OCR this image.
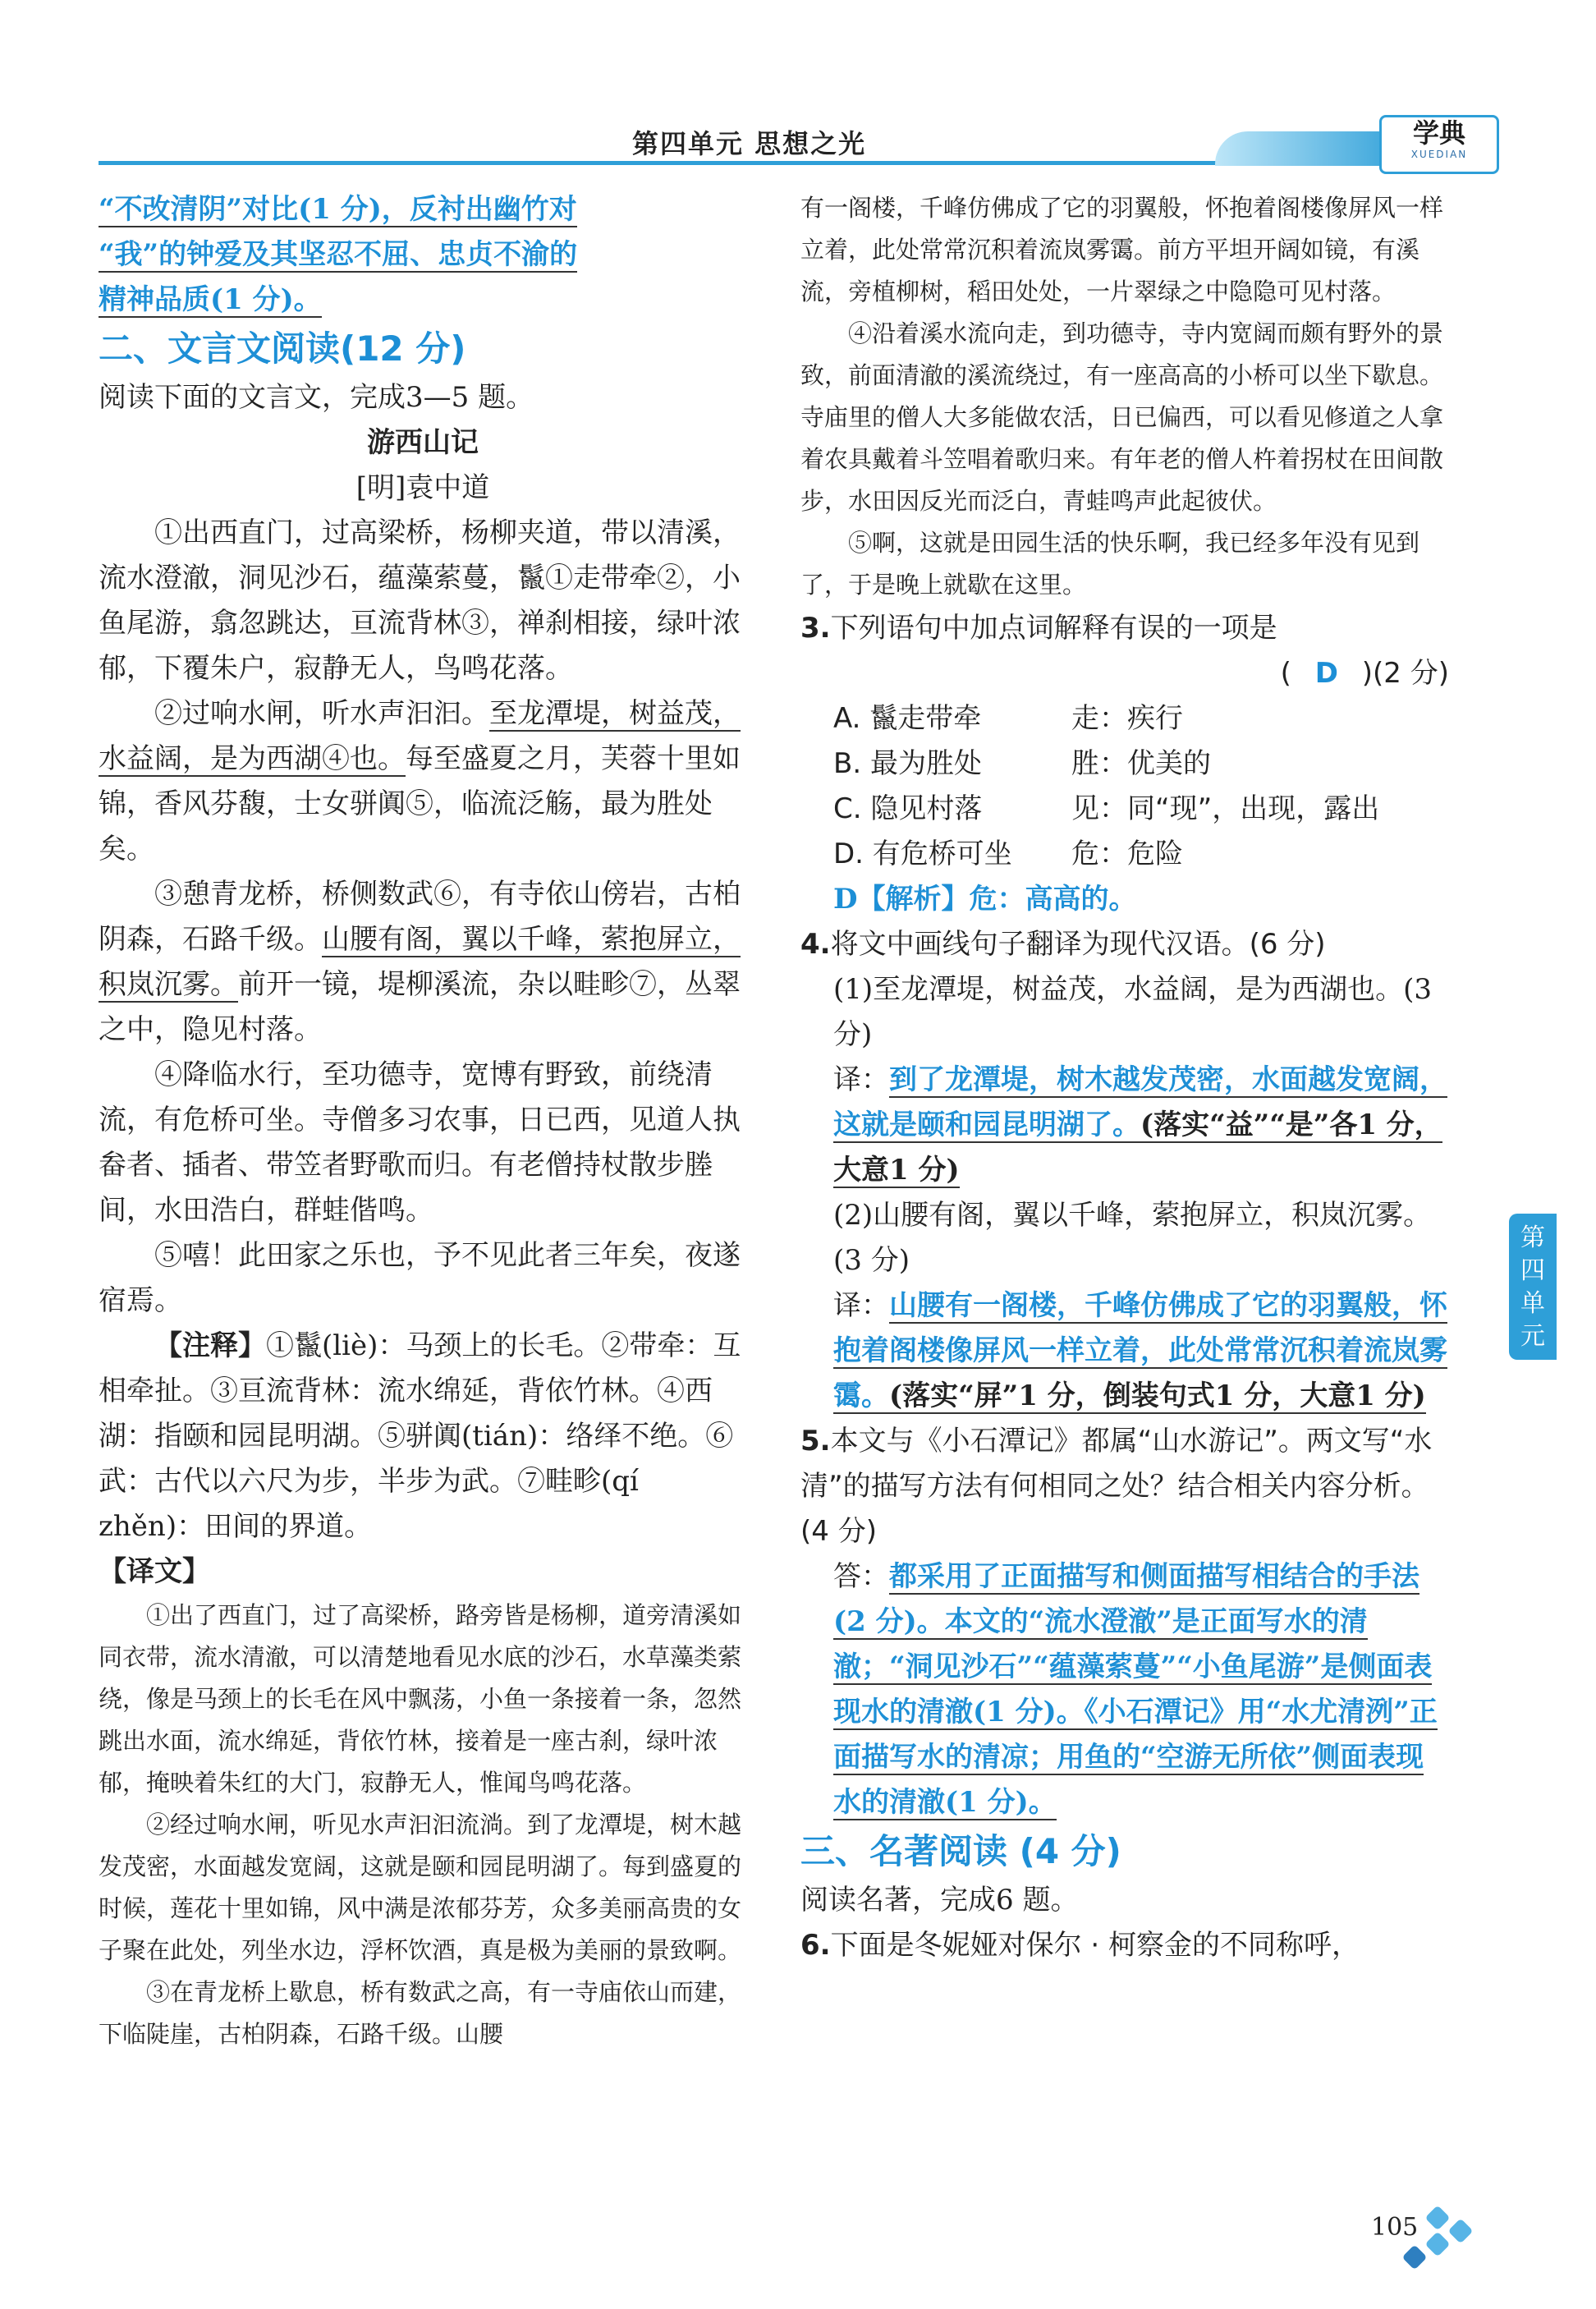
第四单元 思想之光	学典
XUEDIAN

“不改清阴”对比(1 分)，反衬出幽竹对
“我”的钟爱及其坚忍不屈、忠贞不渝的
精神品质(1 分)。

二、文言文阅读(12 分)

阅读下面的文言文，完成3—5 题。

游西山记

[明]袁中道

①出西直门，过高梁桥，杨柳夹道，带以清溪，流水澄澈，洞见沙石，蕴藻萦蔓，鬣①走带牵②，小鱼尾游，翕忽跳达，亘流背林③，禅刹相接，绿叶浓郁，下覆朱户，寂静无人，鸟鸣花落。

②过响水闸，听水声汩汩。至龙潭堤，树益茂，水益阔，是为西湖④也。每至盛夏之月，芙蓉十里如锦，香风芬馥，士女骈阗⑤，临流泛觞，最为胜处矣。

③憩青龙桥，桥侧数武⑥，有寺依山傍岩，古柏阴森，石路千级。山腰有阁，翼以千峰，萦抱屏立，积岚沉雾。前开一镜，堤柳溪流，杂以畦畛⑦，丛翠之中，隐见村落。

④降临水行，至功德寺，宽博有野致，前绕清流，有危桥可坐。寺僧多习农事，日已西，见道人执畚者、插者、带笠者野歌而归。有老僧持杖散步塍间，水田浩白，群蛙偕鸣。

⑤嘻！此田家之乐也，予不见此者三年矣，夜遂宿焉。

【注释】①鬣(liè)：马颈上的长毛。②带牵：互相牵扯。③亘流背林：流水绵延，背依竹林。④西湖：指颐和园昆明湖。⑤骈阗(tián)：络绎不绝。⑥武：古代以六尺为步，半步为武。⑦畦畛(qí zhěn)：田间的界道。

【译文】

①出了西直门，过了高梁桥，路旁皆是杨柳，道旁清溪如同衣带，流水清澈，可以清楚地看见水底的沙石，水草藻类萦绕，像是马颈上的长毛在风中飘荡，小鱼一条接着一条，忽然跳出水面，流水绵延，背依竹林，接着是一座古刹，绿叶浓郁，掩映着朱红的大门，寂静无人，惟闻鸟鸣花落。

②经过响水闸，听见水声汩汩流淌。到了龙潭堤，树木越发茂密，水面越发宽阔，这就是颐和园昆明湖了。每到盛夏的时候，莲花十里如锦，风中满是浓郁芬芳，众多美丽高贵的女子聚在此处，列坐水边，浮杯饮酒，真是极为美丽的景致啊。

③在青龙桥上歇息，桥有数武之高，有一寺庙依山而建，下临陡崖，古柏阴森，石路千级。山腰

有一阁楼，千峰仿佛成了它的羽翼般，怀抱着阁楼像屏风一样立着，此处常常沉积着流岚雾霭。前方平坦开阔如镜，有溪流，旁植柳树，稻田处处，一片翠绿之中隐隐可见村落。

④沿着溪水流向走，到功德寺，寺内宽阔而颇有野外的景致，前面清澈的溪流绕过，有一座高高的小桥可以坐下歇息。寺庙里的僧人大多能做农活，日已偏西，可以看见修道之人拿着农具戴着斗笠唱着歌归来。有年老的僧人杵着拐杖在田间散步，水田因反光而泛白，青蛙鸣声此起彼伏。

⑤啊，这就是田园生活的快乐啊，我已经多年没有见到了，于是晚上就歇在这里。

3.下列语句中加点词解释有误的一项是

( D )(2 分)

A. 鬣走带牵	走：疾行

B. 最为胜处	胜：优美的

C. 隐见村落	见：同“现”，出现，露出

D. 有危桥可坐 危：危险

D【解析】危：高高的。

4.将文中画线句子翻译为现代汉语。(6 分)

(1)至龙潭堤，树益茂，水益阔，是为西湖也。(3 分)

译：到了龙潭堤，树木越发茂密，水面越发宽阔，这就是颐和园昆明湖了。(落实“益”“是”各1 分，大意1 分)

(2)山腰有阁，翼以千峰，萦抱屏立，积岚沉雾。(3 分)

译：山腰有一阁楼，千峰仿佛成了它的羽翼般，怀抱着阁楼像屏风一样立着，此处常常沉积着流岚雾霭。(落实“屏”1 分，倒装句式1 分，大意1 分)

5.本文与《小石潭记》都属“山水游记”。两文写“水清”的描写方法有何相同之处？结合相关内容分析。(4 分)

答：都采用了正面描写和侧面描写相结合的手法(2 分)。本文的“流水澄澈”是正面写水的清澈；“洞见沙石”“蕴藻萦蔓”“小鱼尾游”是侧面表现水的清澈(1 分)。《小石潭记》用“水尤清洌”正面描写水的清凉；用鱼的“空游无所依”侧面表现水的清澈(1 分)。

三、名著阅读 (4 分)

阅读名著，完成6 题。

6.下面是冬妮娅对保尔 · 柯察金的不同称呼，

第四单元
105
